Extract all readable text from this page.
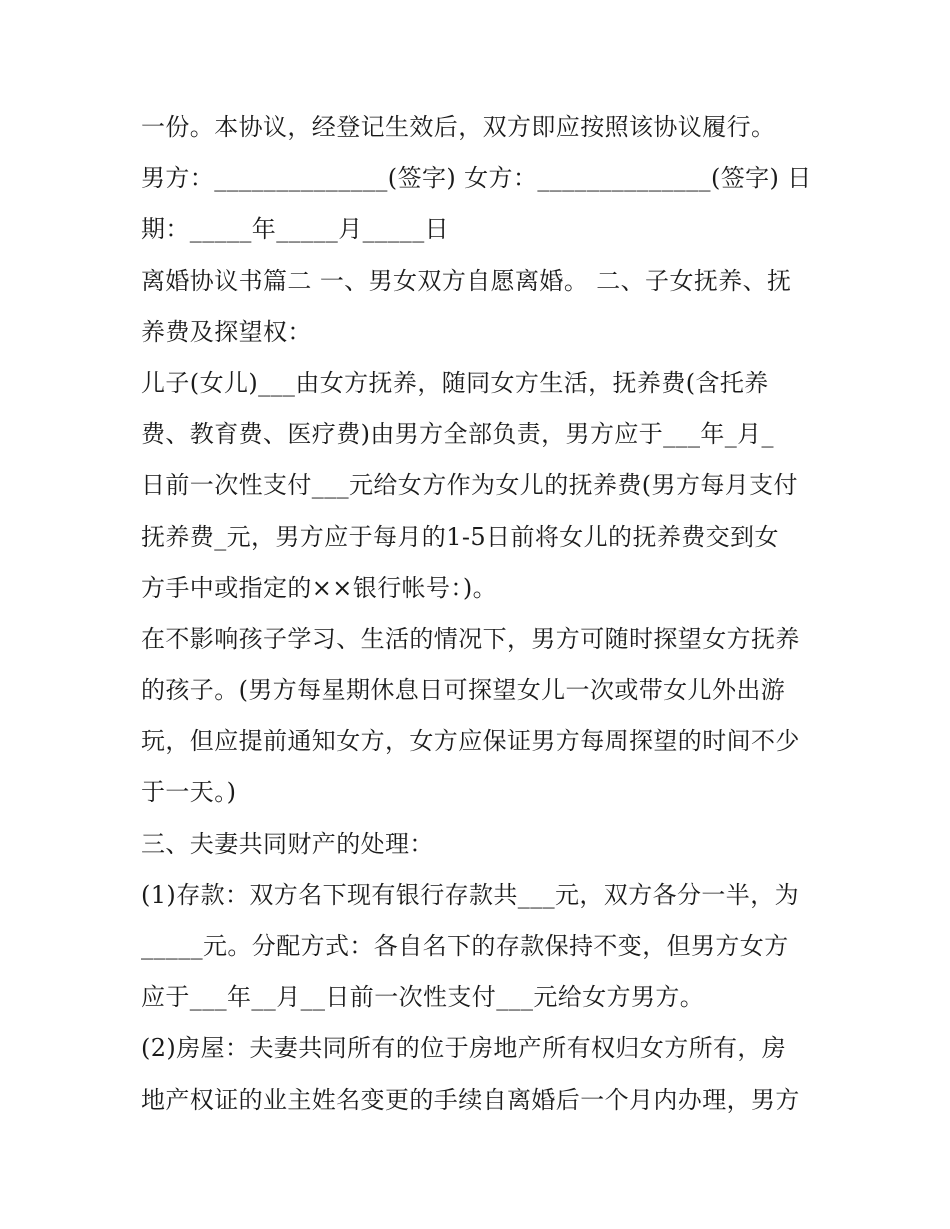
一份。本协议，经登记生效后，双方即应按照该协议履行。
男方：______________(签字) 女方：______________(签字) 日
期：_____年_____月_____日
离婚协议书篇二 一、男女双方自愿离婚。 二、子女抚养、抚
养费及探望权：
儿子(女儿)___由女方抚养，随同女方生活，抚养费(含托养
费、教育费、医疗费)由男方全部负责，男方应于___年_月_
日前一次性支付___元给女方作为女儿的抚养费(男方每月支付
抚养费_元，男方应于每月的1-5日前将女儿的抚养费交到女
方手中或指定的××银行帐号：)。
在不影响孩子学习、生活的情况下，男方可随时探望女方抚养
的孩子。(男方每星期休息日可探望女儿一次或带女儿外出游
玩，但应提前通知女方，女方应保证男方每周探望的时间不少
于一天。)
三、夫妻共同财产的处理：
(1)存款：双方名下现有银行存款共___元，双方各分一半，为
_____元。分配方式：各自名下的存款保持不变，但男方女方
应于___年__月__日前一次性支付___元给女方男方。
(2)房屋：夫妻共同所有的位于房地产所有权归女方所有，房
地产权证的业主姓名变更的手续自离婚后一个月内办理，男方
